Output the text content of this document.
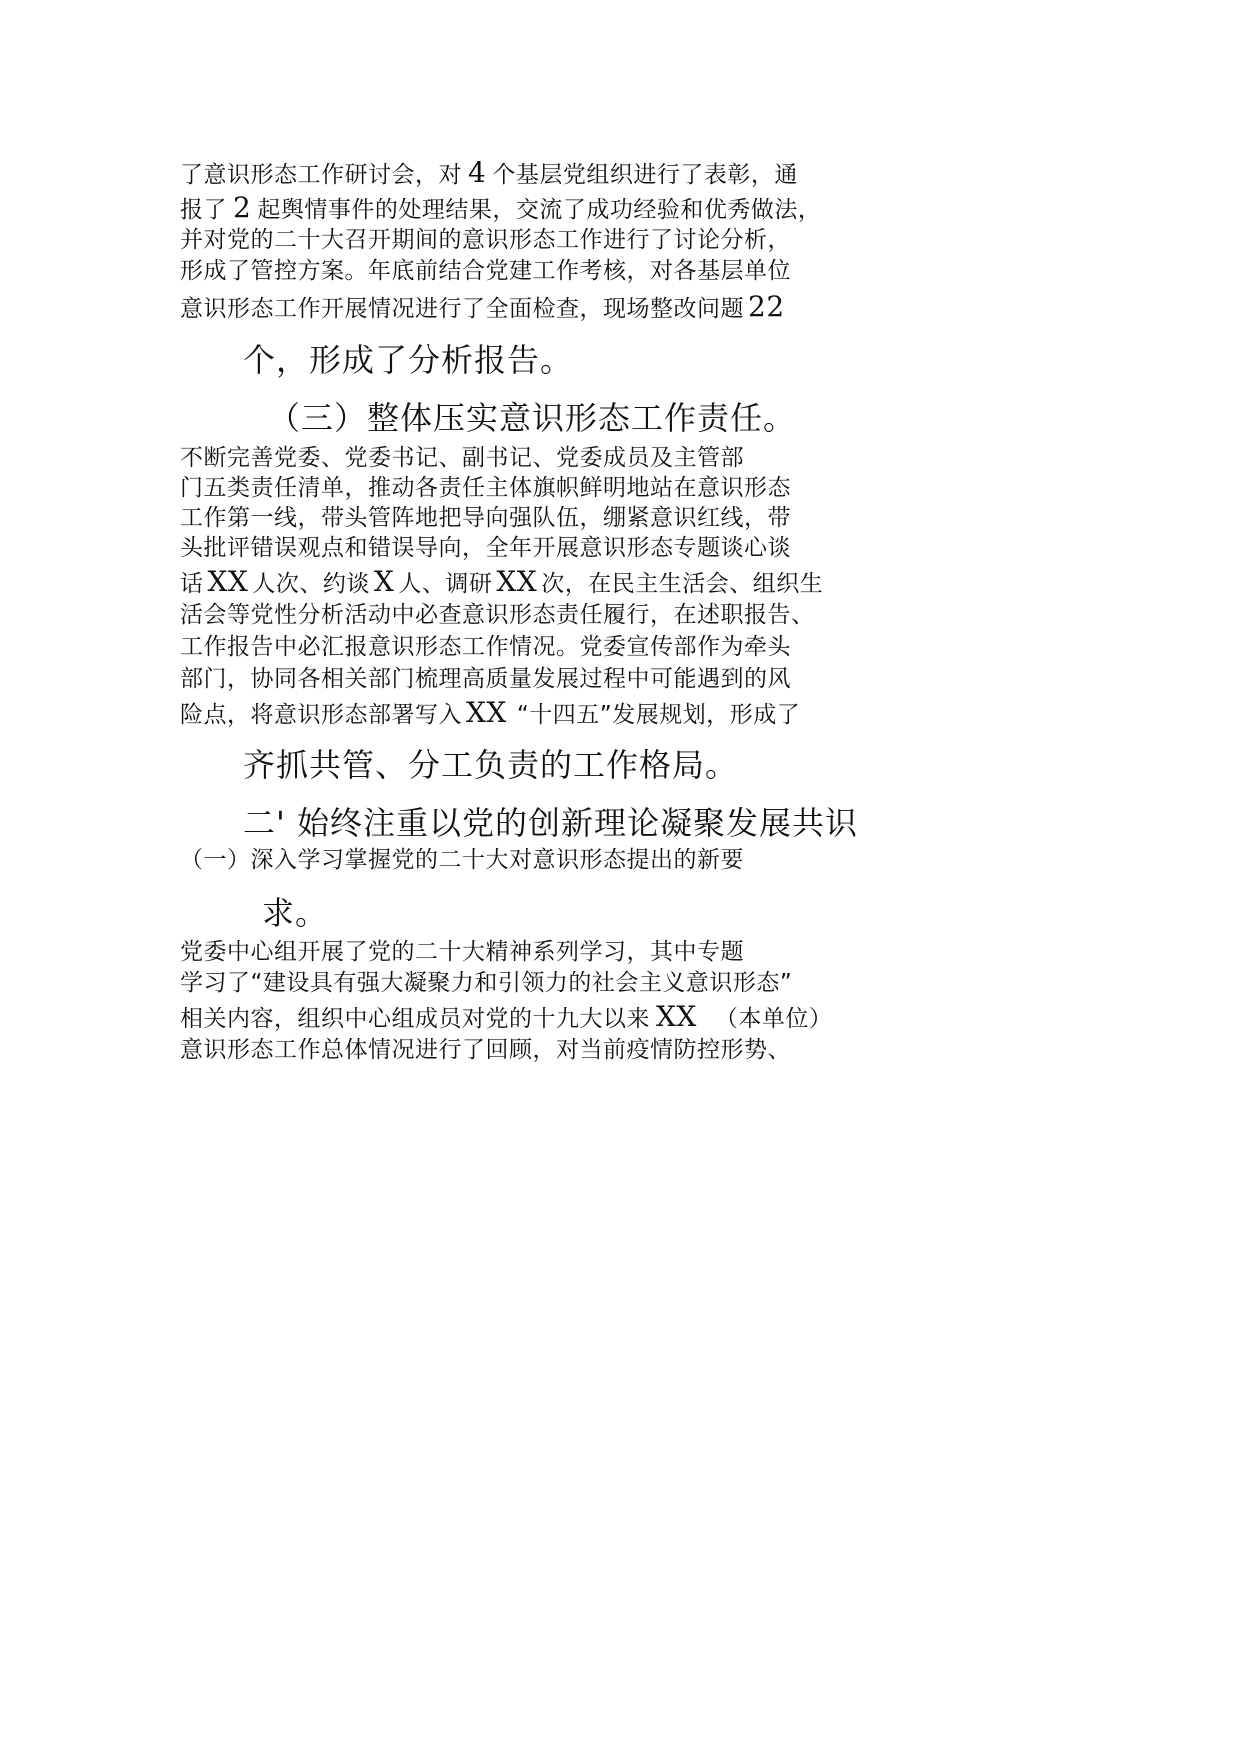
了意识形态工作研讨会，对 4 个基层党组织进行了表彰，通
报了 2 起舆情事件的处理结果，交流了成功经验和优秀做法，
并对党的二十大召开期间的意识形态工作进行了讨论分析，
形成了管控方案。年底前结合党建工作考核，对各基层单位
意识形态工作开展情况进行了全面检查，现场整改问题 22
个，形成了分析报告。
（三）整体压实意识形态工作责任。
不断完善党委、党委书记、副书记、党委成员及主管部
门五类责任清单，推动各责任主体旗帜鲜明地站在意识形态
工作第一线，带头管阵地把导向强队伍，绷紧意识红线，带
头批评错误观点和错误导向，全年开展意识形态专题谈心谈
话 XX 人次、约谈 X 人、调研 XX 次，在民主生活会、组织生
活会等党性分析活动中必查意识形态责任履行，在述职报告、
工作报告中必汇报意识形态工作情况。党委宣传部作为牵头
部门，协同各相关部门梳理高质量发展过程中可能遇到的风
险点，将意识形态部署写入 XX “十四五”发展规划，形成了
齐抓共管、分工负责的工作格局。
二' 始终注重以党的创新理论凝聚发展共识
（一）深入学习掌握党的二十大对意识形态提出的新要
求。
党委中心组开展了党的二十大精神系列学习，其中专题
学习了“建设具有强大凝聚力和引领力的社会主义意识形态”
相关内容，组织中心组成员对党的十九大以来 XX （本单位）
意识形态工作总体情况进行了回顾，对当前疫情防控形势、
